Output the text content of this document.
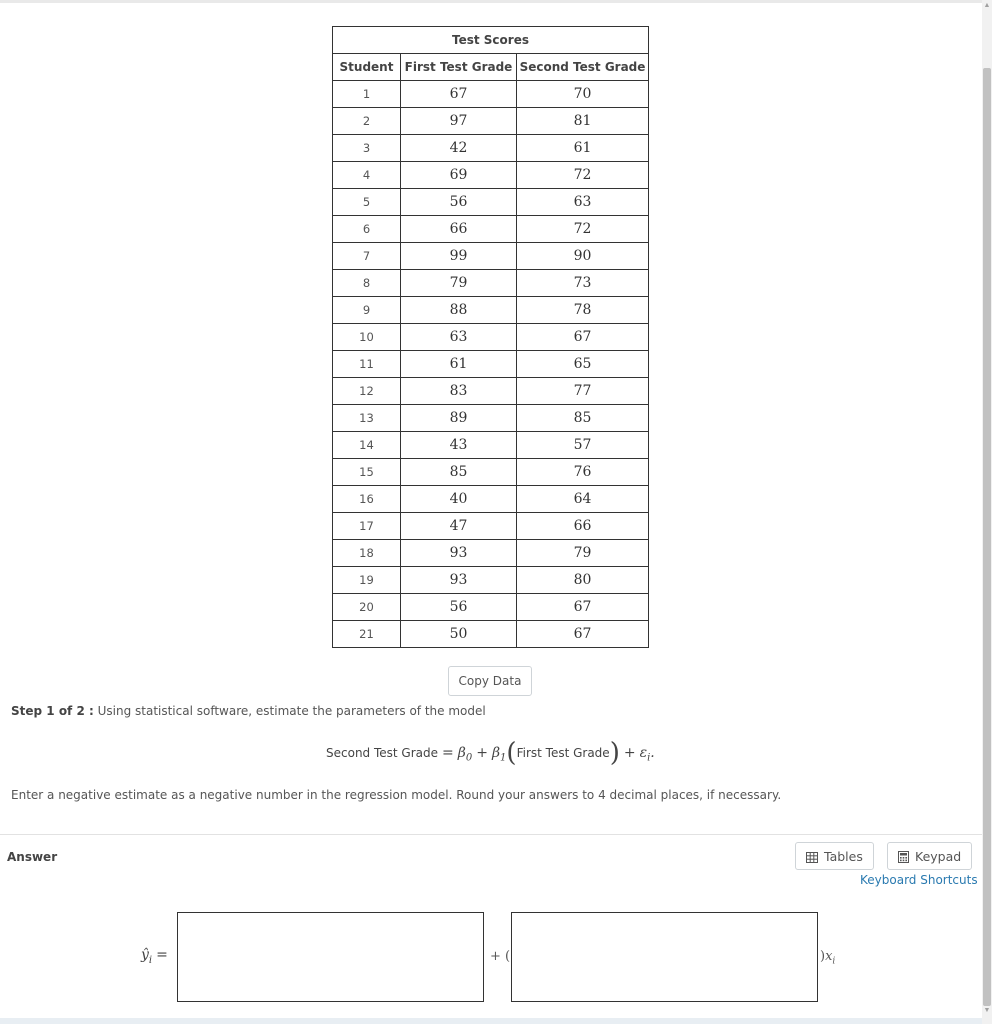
Test Scores		
Student	First Test Grade	Second Test Grade
1	67	70
2	97	81
3	42	61
4	69	72
5	56	63
6	66	72
7	99	90
8	79	73
9	88	78
10	63	67
11	61	65
12	83	77
13	89	85
14	43	57
15	85	76
16	40	64
17	47	66
18	93	79
19	93	80
20	56	67
21	50	67
Copy Data
Step 1 of 2 : Using statistical software, estimate the parameters of the model
Second Test Grade = $\beta_0$ + $\beta_1(First$ Test Grade) + $\varepsilon_i$.
Enter a negative estimate as a negative number in the regression model. Round your answers to 4 decimal places, if necessary.
Answer	Tables	Keypad
Keyboard Shortcuts
$ŷ_i$ =	+ (	)$x_i$
▲
▼
